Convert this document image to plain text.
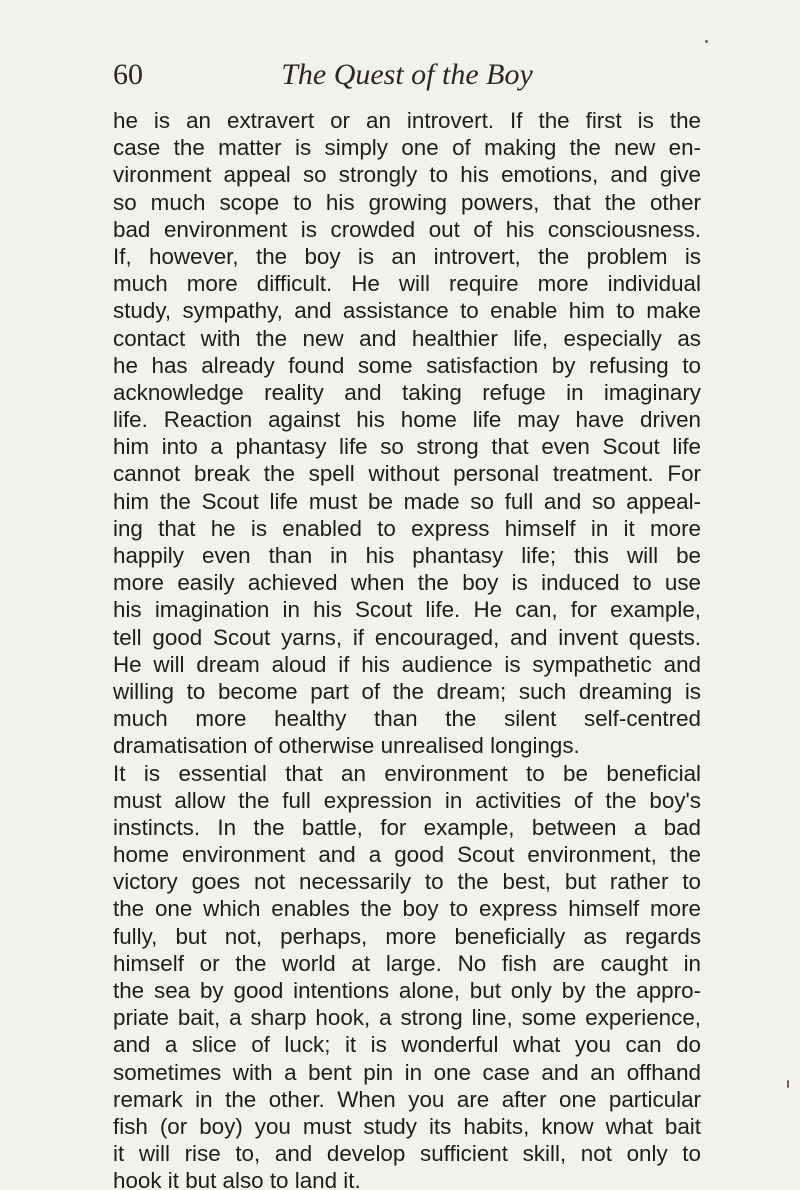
60	The Quest of the Boy
he is an extravert or an introvert. If the first is the
case the matter is simply one of making the new en-
vironment appeal so strongly to his emotions, and give
so much scope to his growing powers, that the other
bad environment is crowded out of his consciousness.
If, however, the boy is an introvert, the problem is
much more difficult. He will require more individual
study, sympathy, and assistance to enable him to make
contact with the new and healthier life, especially as
he has already found some satisfaction by refusing to
acknowledge reality and taking refuge in imaginary
life. Reaction against his home life may have driven
him into a phantasy life so strong that even Scout life
cannot break the spell without personal treatment. For
him the Scout life must be made so full and so appeal-
ing that he is enabled to express himself in it more
happily even than in his phantasy life; this will be
more easily achieved when the boy is induced to use
his imagination in his Scout life. He can, for example,
tell good Scout yarns, if encouraged, and invent quests.
He will dream aloud if his audience is sympathetic and
willing to become part of the dream; such dreaming is
much more healthy than the silent self-centred
dramatisation of otherwise unrealised longings.
It is essential that an environment to be beneficial
must allow the full expression in activities of the boy's
instincts. In the battle, for example, between a bad
home environment and a good Scout environment, the
victory goes not necessarily to the best, but rather to
the one which enables the boy to express himself more
fully, but not, perhaps, more beneficially as regards
himself or the world at large. No fish are caught in
the sea by good intentions alone, but only by the appro-
priate bait, a sharp hook, a strong line, some experience,
and a slice of luck; it is wonderful what you can do
sometimes with a bent pin in one case and an offhand
remark in the other. When you are after one particular
fish (or boy) you must study its habits, know what bait
it will rise to, and develop sufficient skill, not only to
hook it but also to land it.
